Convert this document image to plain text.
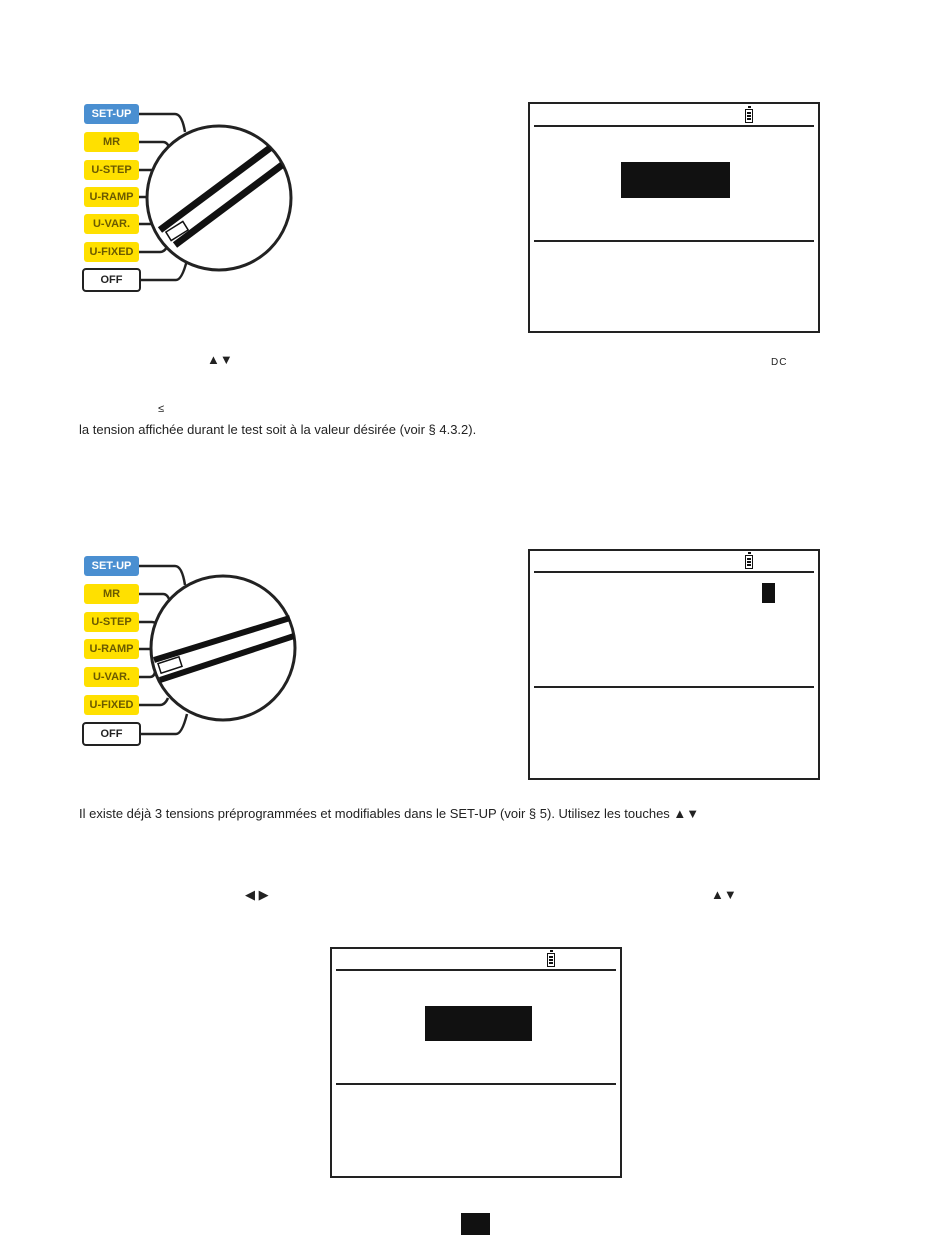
SET-UP
MR
U-STEP
U-RAMP
U-VAR.
U-FIXED
OFF
SET-UP
MR
U-STEP
U-RAMP
U-VAR.
U-FIXED
OFF
▲▼	DC
≤
la tension affichée durant le test soit à la valeur désirée (voir § 4.3.2).
Il existe déjà 3 tensions préprogrammées et modifiables dans le SET-UP (voir § 5). Utilisez les touches ▲▼
◀ ▶	▲▼
